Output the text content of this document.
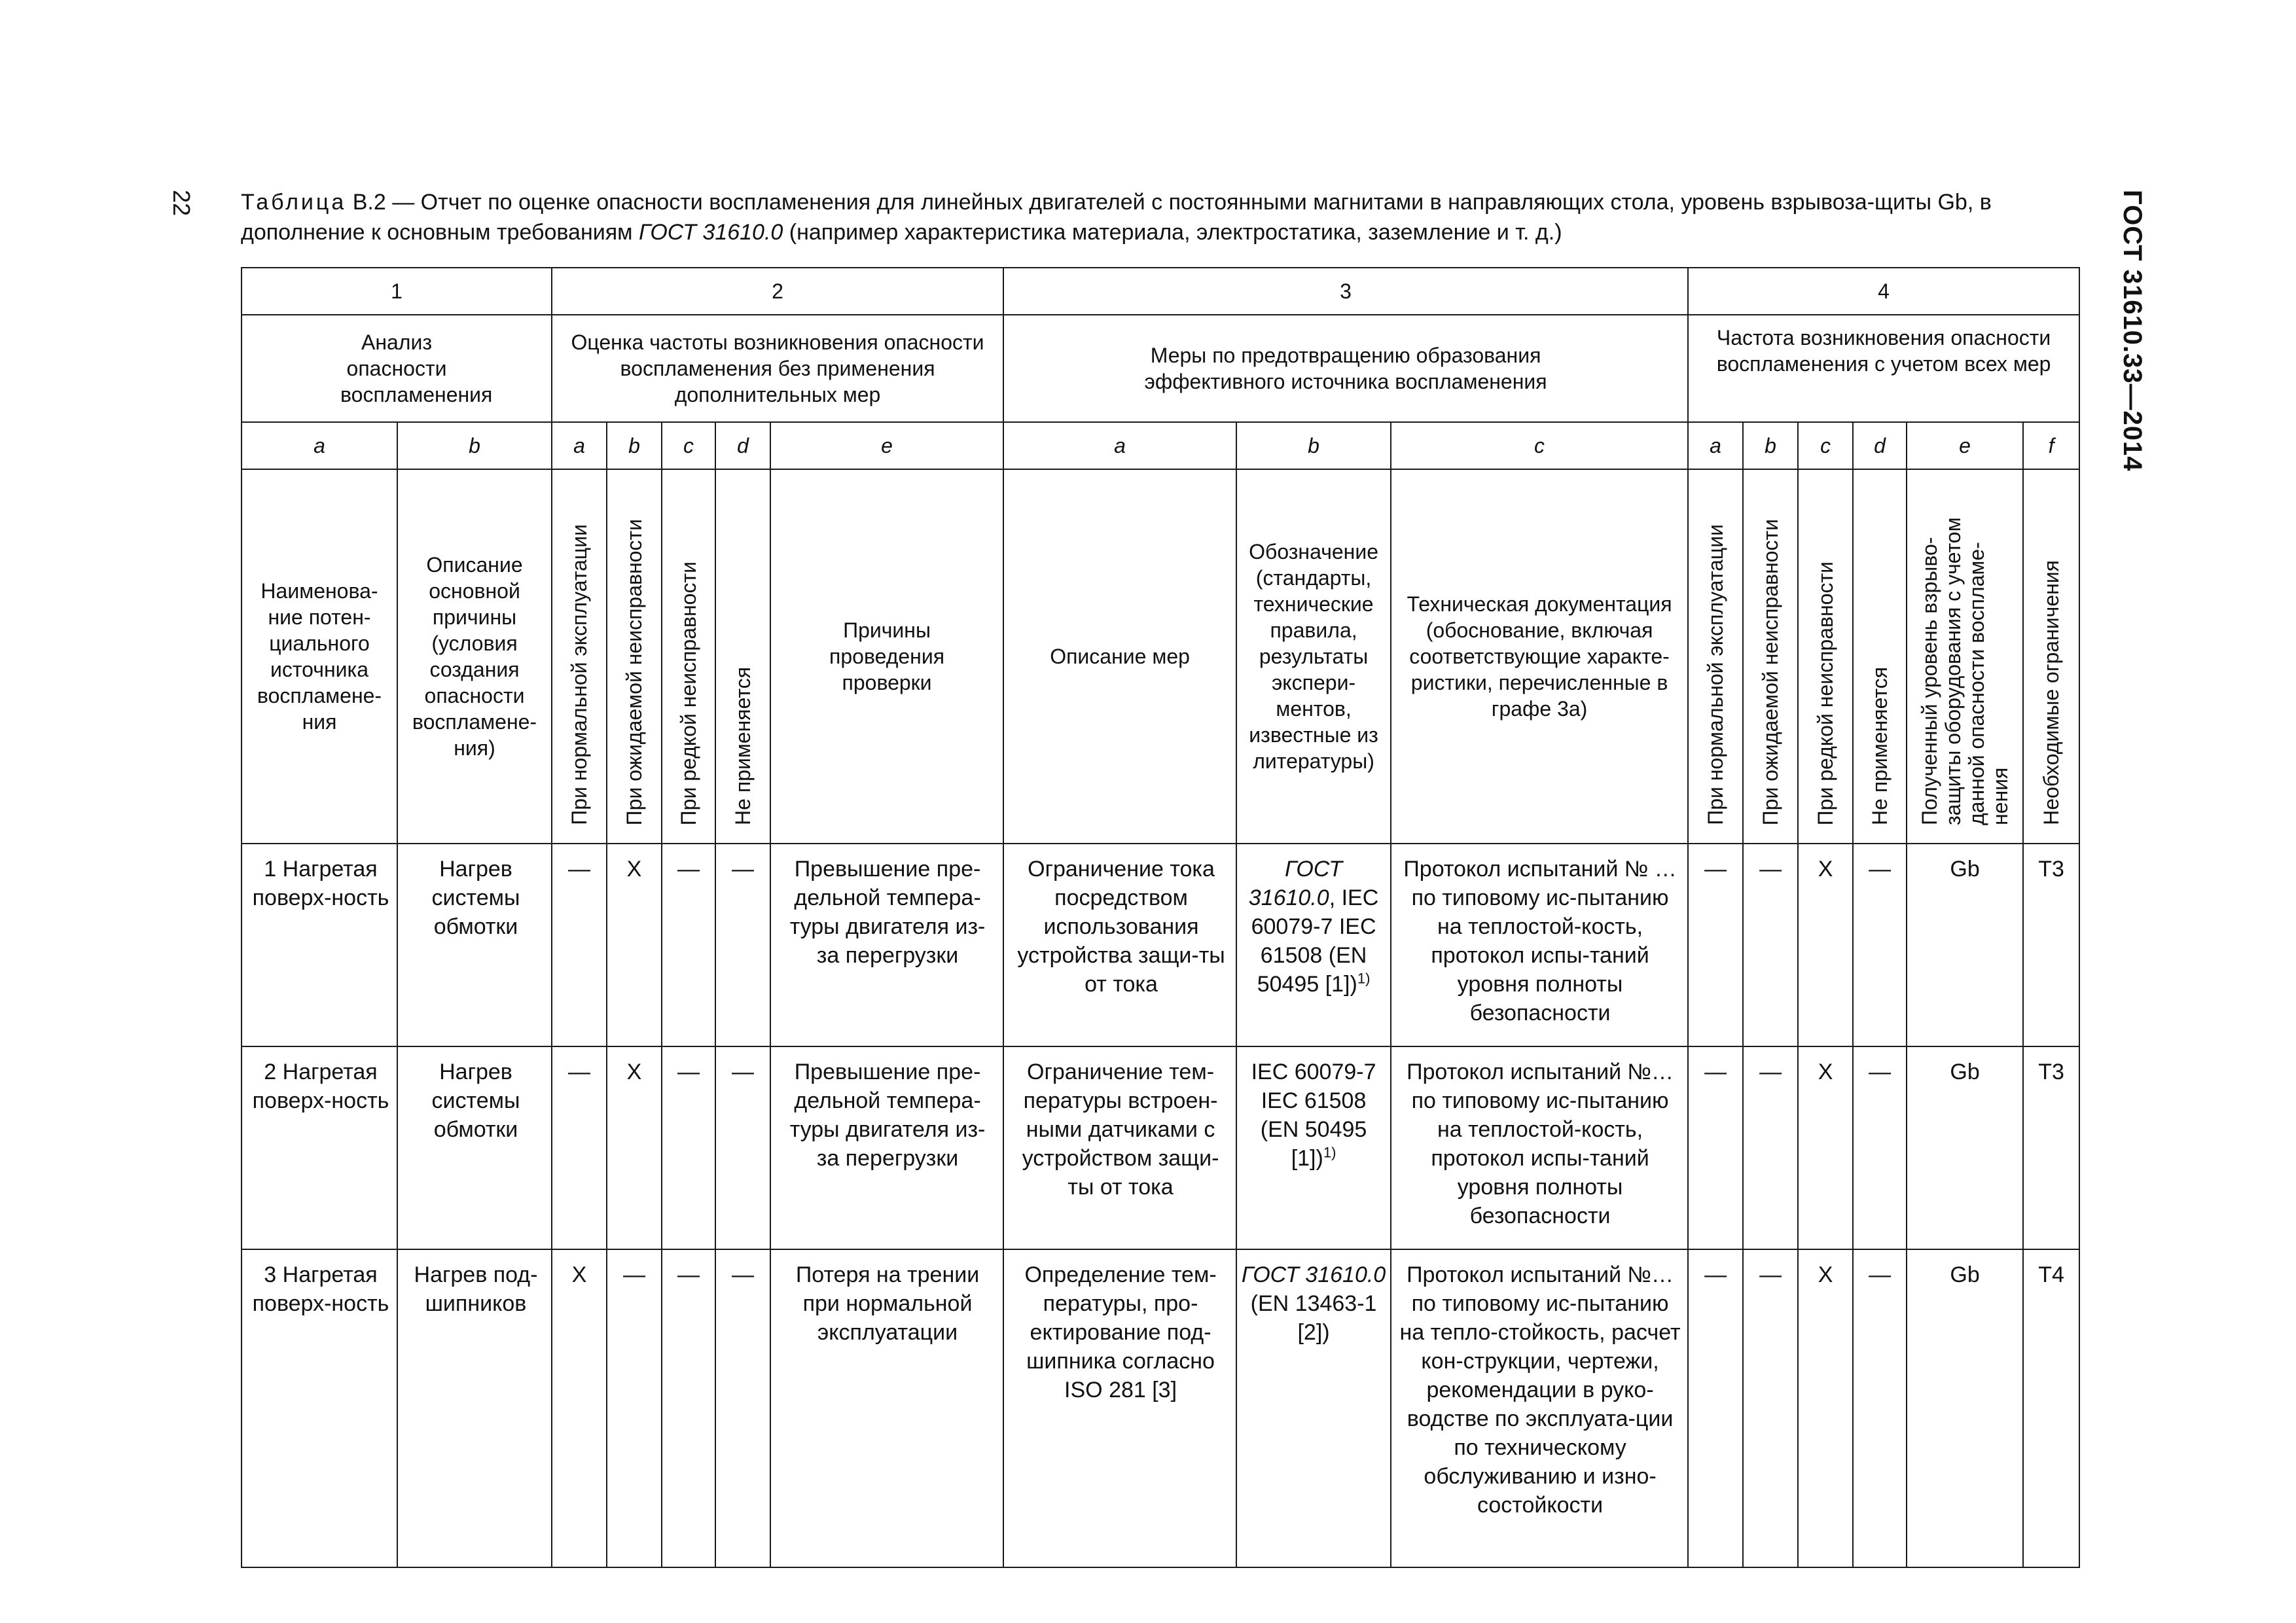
22	ГОСТ 31610.33—2014
Таблица В.2 — Отчет по оценке опасности воспламенения для линейных двигателей с постоянными магнитами в направляющих стола, уровень взрывоза-щиты Gb, в дополнение к основным требованиям ГОСТ 31610.0 (например характеристика материала, электростатика, заземление и т. д.)
1		2					3			4					
Анализ опасности воспламенения		Оценка частоты возникновения опасности воспламенения без применения дополнительных мер					Меры по предотвращению образования эффективного источника воспламенения			Частота возникновения опасности воспламенения с учетом всех мер					
a	b	a	b	c	d	e	a	b	c	a	b	c	d	e	f
Наименова-ние потен-циального источника воспламене-ния	Описание основной причины (условия создания опасности воспламене-ния)	При нормальной эксплуатации	При ожидаемой неисправности	При редкой неисправности	Не применяется	Причины проведения проверки	Описание мер	Обозначение (стандарты, технические правила, результаты экспери-ментов, известные из литературы)	Техническая документация (обоснование, включая соответствующие характе-ристики, перечисленные в графе 3а)	При нормальной эксплуатации	При ожидаемой неисправности	При редкой неисправности	Не применяется	Полученный уровень взрыво-защиты оборудования с учетом данной опасности воспламе-нения	Необходимые ограничения
1 Нагретая поверх-ность	Нагрев системы обмотки	—	X	—	—	Превышение пре-дельной темпера-туры двигателя из-за перегрузки	Ограничение тока посредством использования устройства защи-ты от тока	ГОСТ 31610.0, IEC 60079-7 IEC 61508 (EN 50495 [1])$^{1)}$	Протокол испытаний № … по типовому ис-пытанию на теплостой-кость, протокол испы-таний уровня полноты безопасности	—	—	X	—	Gb	T3
2 Нагретая поверх-ность	Нагрев системы обмотки	—	X	—	—	Превышение пре-дельной темпера-туры двигателя из-за перегрузки	Ограничение тем-пературы встроен-ными датчиками с устройством защи-ты от тока	IEC 60079-7 IEC 61508 (EN 50495 [1])$^{1)}$	Протокол испытаний №… по типовому ис-пытанию на теплостой-кость, протокол испы-таний уровня полноты безопасности	—	—	X	—	Gb	T3
3 Нагретая поверх-ность	Нагрев под-шипников	X	—	—	—	Потеря на трении при нормальной эксплуатации	Определение тем-пературы, про-ектирование под-шипника согласно ISO 281 [3]	ГОСТ 31610.0 (EN 13463-1 [2])	Протокол испытаний №… по типовому ис-пытанию на тепло-стойкость, расчет кон-струкции, чертежи, рекомендации в руко-водстве по эксплуата-ции по техническому обслуживанию и изно-состойкости	—	—	X	—	Gb	T4
